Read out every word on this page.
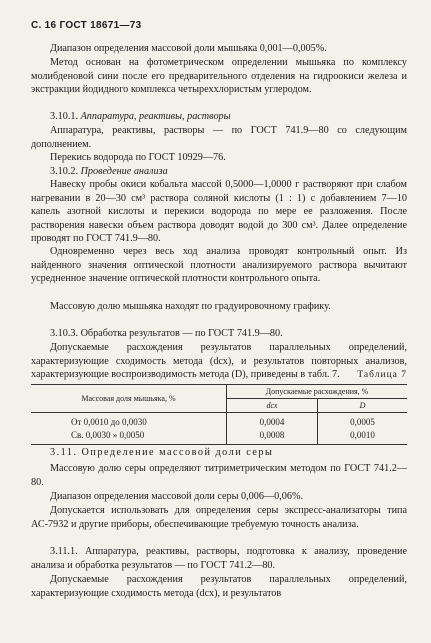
С. 16 ГОСТ 18671—73
Диапазон определения массовой доли мышьяка 0,001—0,005%.
Метод основан на фотометрическом определении мышьяка по комплексу молибденовой сини после его предварительного отделения на гидроокиси железа и экстракции йодидного комплекса четыреххлористым углеродом.
3.10.1. Аппаратура, реактивы, растворы
Аппаратура, реактивы, растворы — по ГОСТ 741.9—80 со следующим дополнением.
Перекись водорода по ГОСТ 10929—76.
3.10.2. Проведение анализа
Навеску пробы окиси кобальта массой 0,5000—1,0000 г растворяют при слабом нагревании в 20—30 см³ раствора соляной кислоты (1 : 1) с добавлением 7—10 капель азотной кислоты и перекиси водорода по мере ее разложения. После растворения навески объем раствора доводят водой до 300 см³. Далее определение проводят по ГОСТ 741.9—80.
Одновременно через весь ход анализа проводят контрольный опыт. Из найденного значения оптической плотности анализируемого раствора вычитают усредненное значение оптической плотности контрольного опыта.
Массовую долю мышьяка находят по градуировочному графику.
3.10.3. Обработка результатов — по ГОСТ 741.9—80.
Допускаемые расхождения результатов параллельных определений, характеризующие сходимость метода (dсх), и результатов повторных анализов, характеризующие воспроизводимость метода (D), приведены в табл. 7.	Таблица 7
Массовая доля мышьяка, %	Допускаемые расхождения, %	
	dсх	D
От 0,0010 до 0,0030	0,0004	0,0005
Св. 0,0030 » 0,0050	0,0008	0,0010
3.11. Определение массовой доли серы
Массовую долю серы определяют титриметрическим методом по ГОСТ 741.2—80.
Диапазон определения массовой доли серы 0,006—0,06%.
Допускается использовать для определения серы экспресс-анализаторы типа АС-7932 и другие приборы, обеспечивающие требуемую точность анализа.
3.11.1. Аппаратура, реактивы, растворы, подготовка к анализу, проведение анализа и обработка результатов — по ГОСТ 741.2—80.
Допускаемые расхождения результатов параллельных определений, характеризующие сходимость метода (dсх), и результатов
